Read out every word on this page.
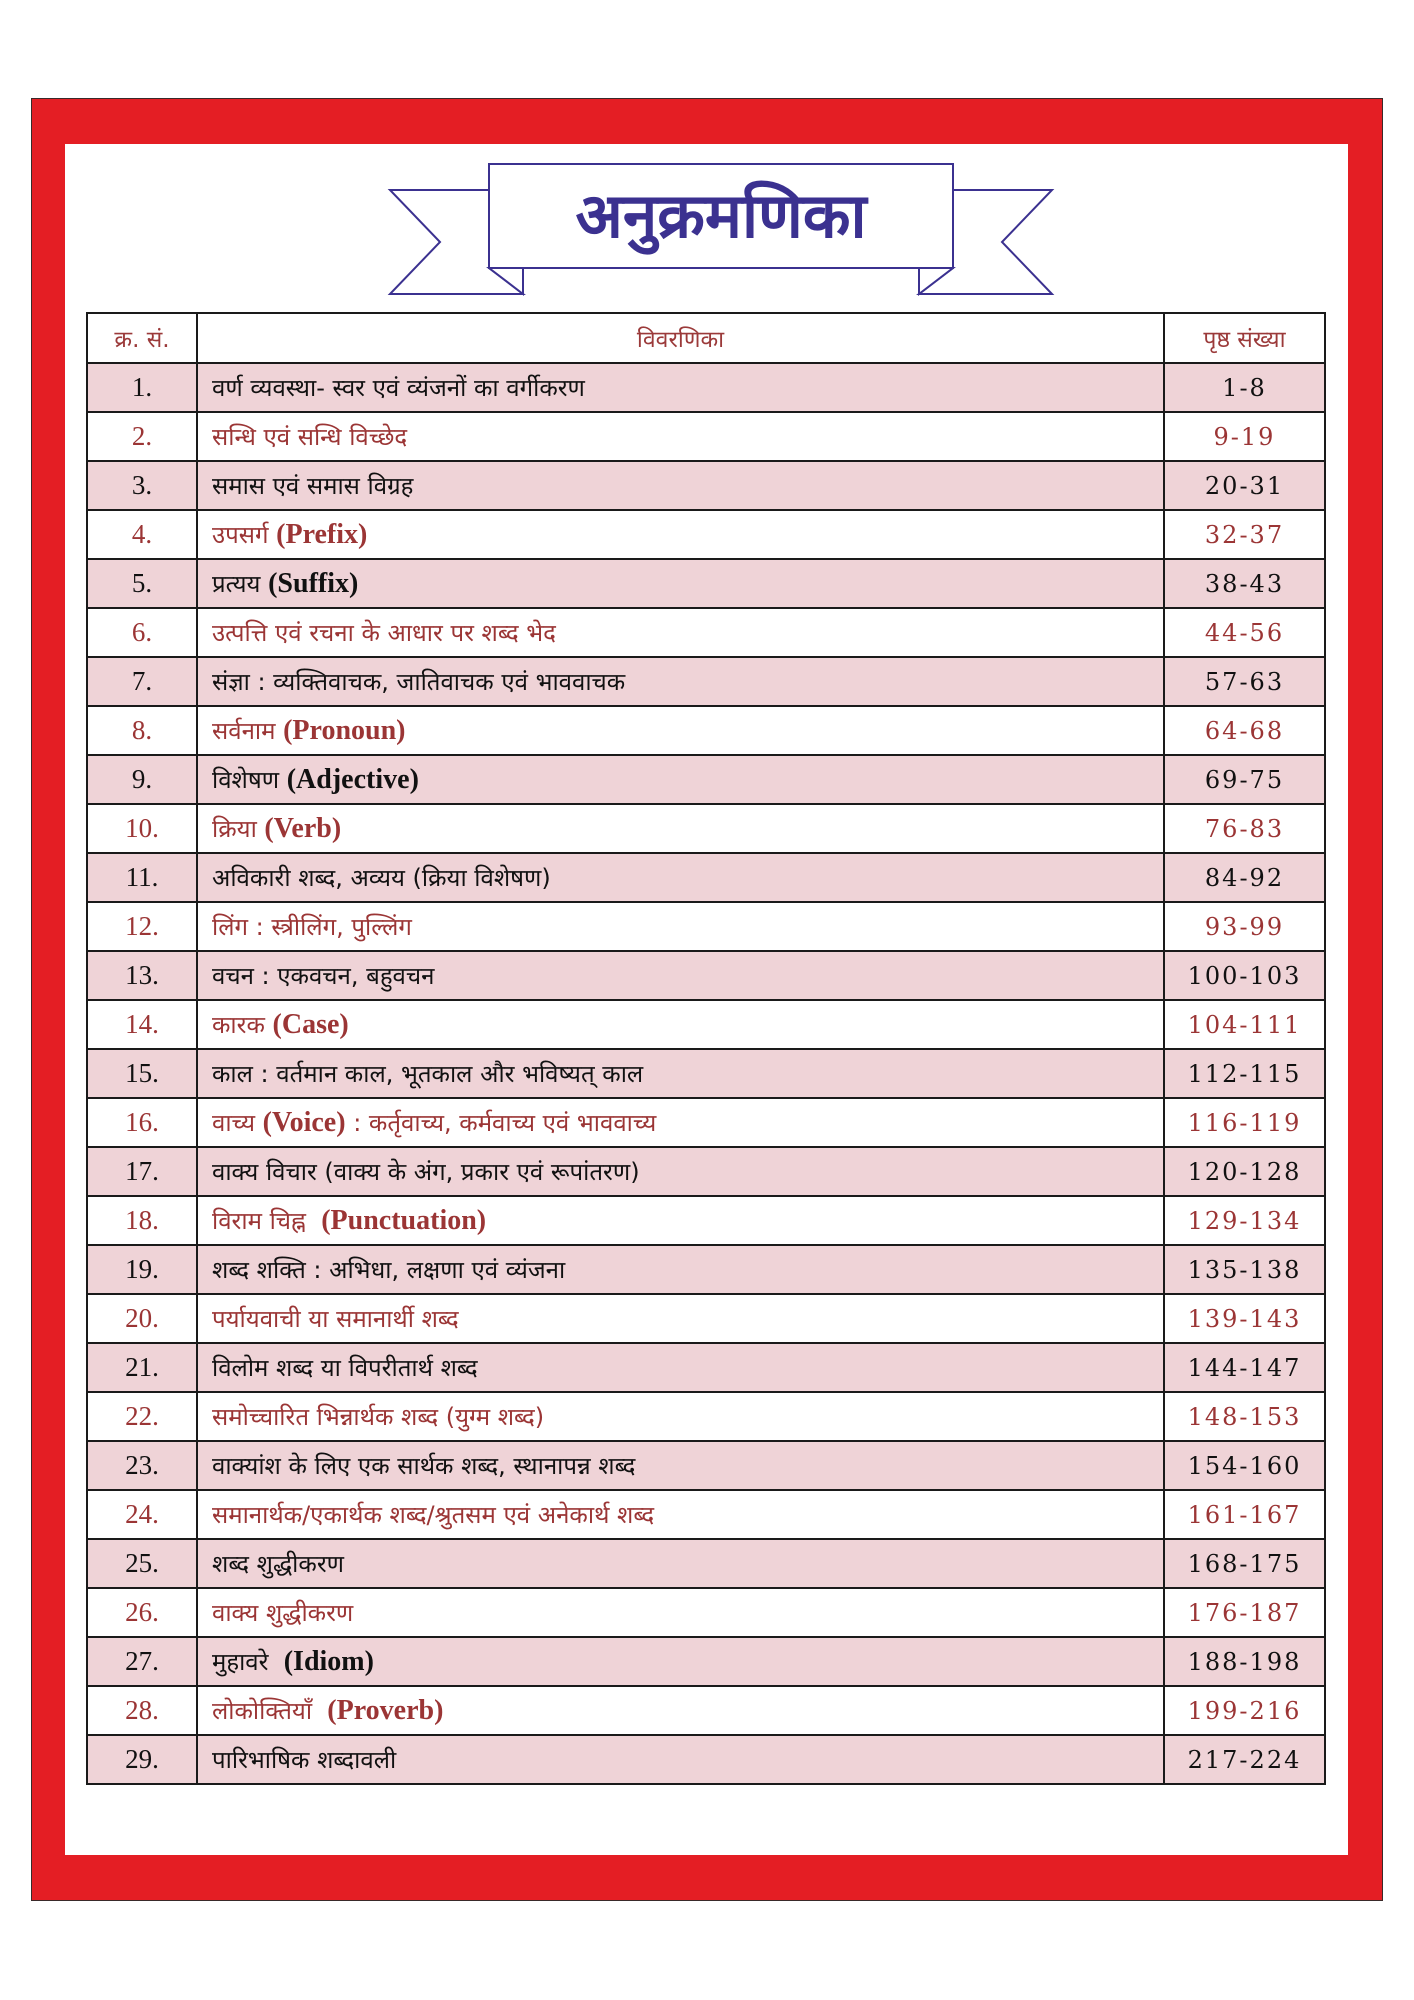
अनुक्रमणिका
क्र. सं.	विवरणिका	पृष्ठ संख्या
1.	वर्ण व्यवस्था- स्वर एवं व्यंजनों का वर्गीकरण	1-8
2.	सन्धि एवं सन्धि विच्छेद	9-19
3.	समास एवं समास विग्रह	20-31
4.	उपसर्ग (Prefix)	32-37
5.	प्रत्यय (Suffix)	38-43
6.	उत्पत्ति एवं रचना के आधार पर शब्द भेद	44-56
7.	संज्ञा : व्यक्तिवाचक, जातिवाचक एवं भाववाचक	57-63
8.	सर्वनाम (Pronoun)	64-68
9.	विशेषण (Adjective)	69-75
10.	क्रिया (Verb)	76-83
11.	अविकारी शब्द, अव्यय (क्रिया विशेषण)	84-92
12.	लिंग : स्त्रीलिंग, पुल्लिंग	93-99
13.	वचन : एकवचन, बहुवचन	100-103
14.	कारक (Case)	104-111
15.	काल : वर्तमान काल, भूतकाल और भविष्यत् काल	112-115
16.	वाच्य (Voice) : कर्तृवाच्य, कर्मवाच्य एवं भाववाच्य	116-119
17.	वाक्य विचार (वाक्य के अंग, प्रकार एवं रूपांतरण)	120-128
18.	विराम चिह्न  (Punctuation)	129-134
19.	शब्द शक्ति : अभिधा, लक्षणा एवं व्यंजना	135-138
20.	पर्यायवाची या समानार्थी शब्द	139-143
21.	विलोम शब्द या विपरीतार्थ शब्द	144-147
22.	समोच्चारित भिन्नार्थक शब्द (युग्म शब्द)	148-153
23.	वाक्यांश के लिए एक सार्थक शब्द, स्थानापन्न शब्द	154-160
24.	समानार्थक/एकार्थक शब्द/श्रुतसम एवं अनेकार्थ शब्द	161-167
25.	शब्द शुद्धीकरण	168-175
26.	वाक्य शुद्धीकरण	176-187
27.	मुहावरे  (Idiom)	188-198
28.	लोकोक्तियाँ  (Proverb)	199-216
29.	पारिभाषिक शब्दावली	217-224
